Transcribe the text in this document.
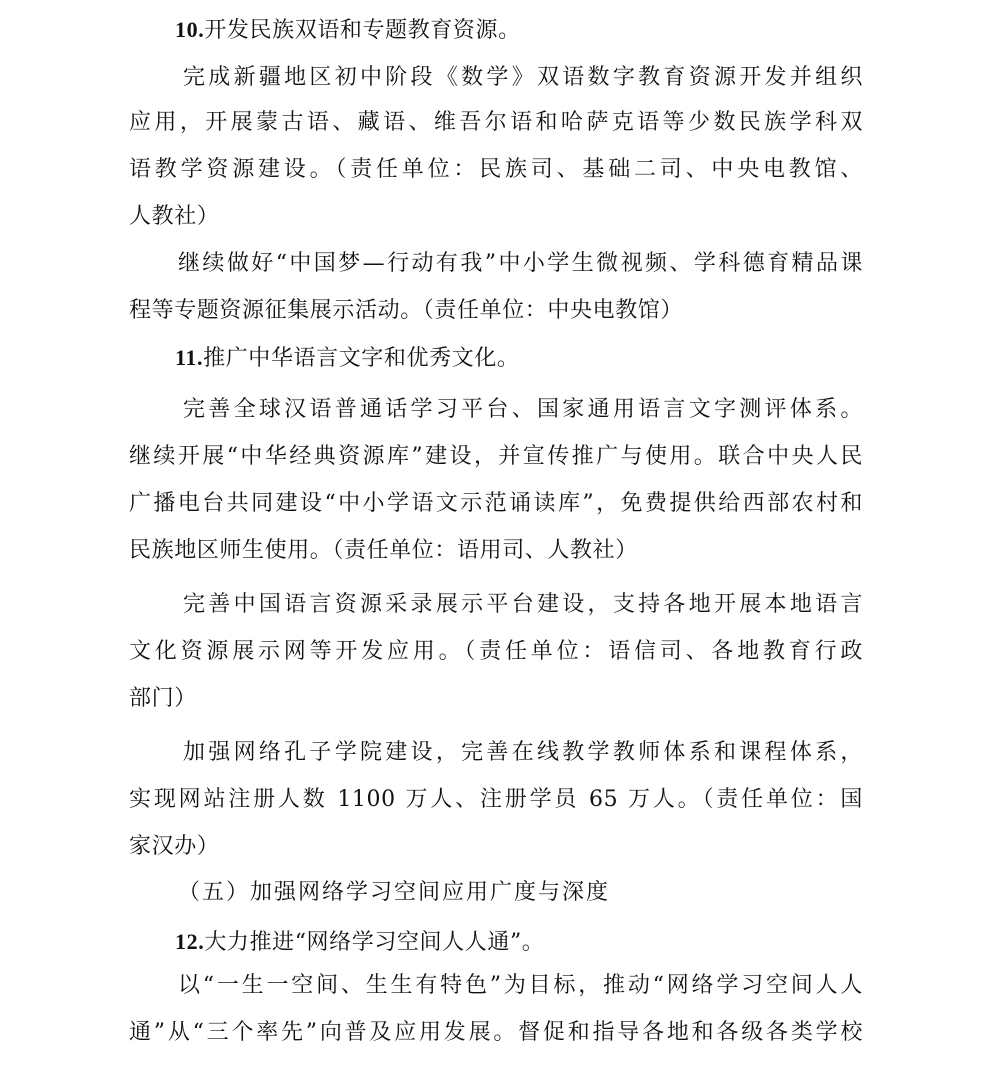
10.开发民族双语和专题教育资源。
完成新疆地区初中阶段《数学》双语数字教育资源开发并组织
应用，开展蒙古语、藏语、维吾尔语和哈萨克语等少数民族学科双
语教学资源建设。（责任单位：民族司、基础二司、中央电教馆、
人教社）
继续做好“中国梦—行动有我”中小学生微视频、学科德育精品课
程等专题资源征集展示活动。（责任单位：中央电教馆）
11.推广中华语言文字和优秀文化。
完善全球汉语普通话学习平台、国家通用语言文字测评体系。
继续开展“中华经典资源库”建设，并宣传推广与使用。联合中央人民
广播电台共同建设“中小学语文示范诵读库”，免费提供给西部农村和
民族地区师生使用。（责任单位：语用司、人教社）
完善中国语言资源采录展示平台建设，支持各地开展本地语言
文化资源展示网等开发应用。（责任单位：语信司、各地教育行政
部门）
加强网络孔子学院建设，完善在线教学教师体系和课程体系，
实现网站注册人数 1100 万人、注册学员 65 万人。（责任单位：国
家汉办）
（五）加强网络学习空间应用广度与深度
12.大力推进“网络学习空间人人通”。
以“一生一空间、生生有特色”为目标，推动“网络学习空间人人
通”从“三个率先”向普及应用发展。督促和指导各地和各级各类学校
